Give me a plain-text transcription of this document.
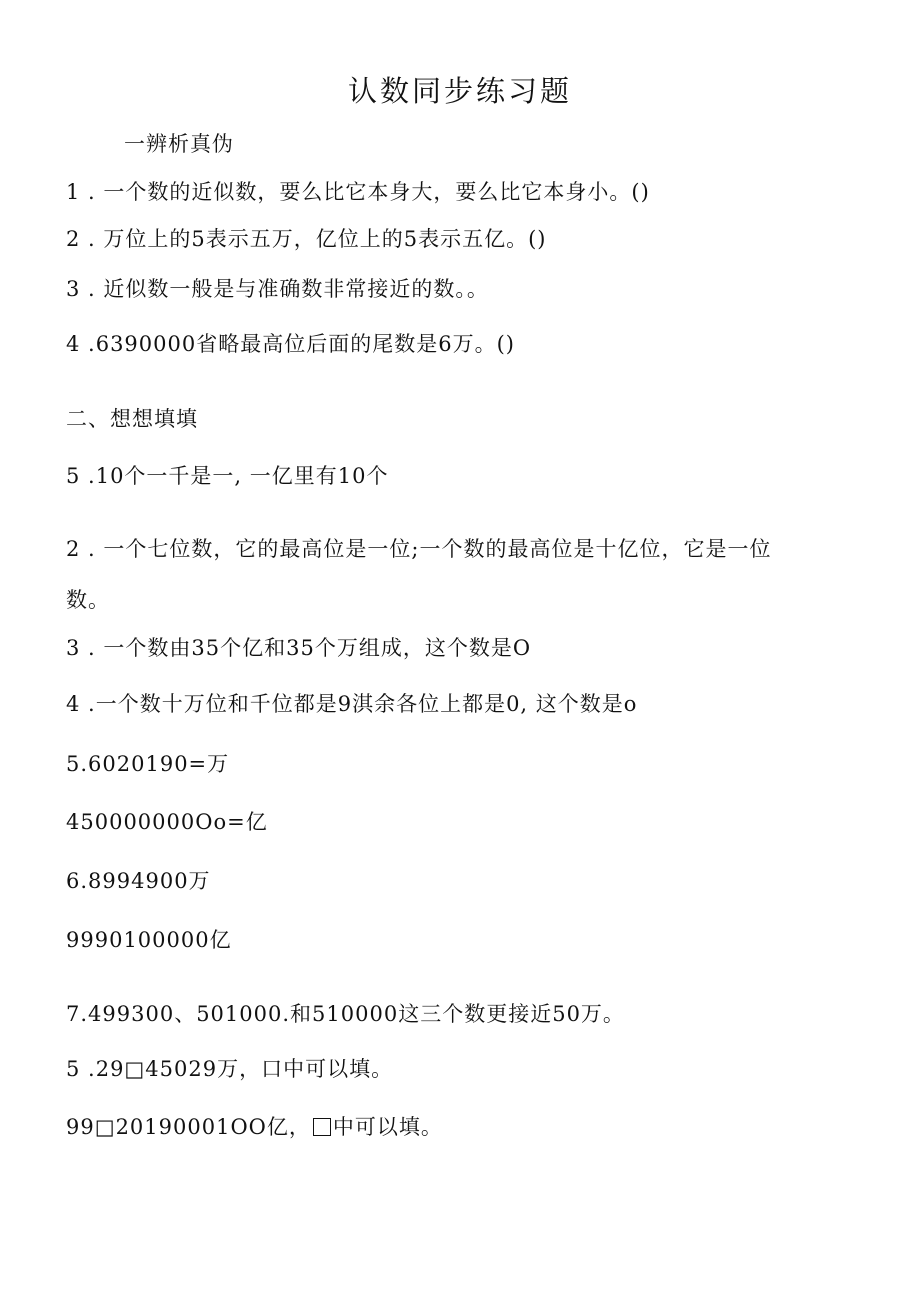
认数同步练习题
一辨析真伪
1 . 一个数的近似数，要么比它本身大，要么比它本身小。()
2 . 万位上的5表示五万，亿位上的5表示五亿。()
3 . 近似数一般是与准确数非常接近的数。。
4 .6390000省略最高位后面的尾数是6万。()
二、想想填填
5 .10个一千是一, 一亿里有10个
2 . 一个七位数，它的最高位是一位;一个数的最高位是十亿位，它是一位
数。
3 . 一个数由35个亿和35个万组成，这个数是O
4 .一个数十万位和千位都是9淇余各位上都是0, 这个数是o
5.6020190=万
450000000Oo=亿
6.8994900万
9990100000亿
7.499300、501000.和510000这三个数更接近50万。
5 .29□45029万，口中可以填。
99□20190001OO亿， 中可以填。
